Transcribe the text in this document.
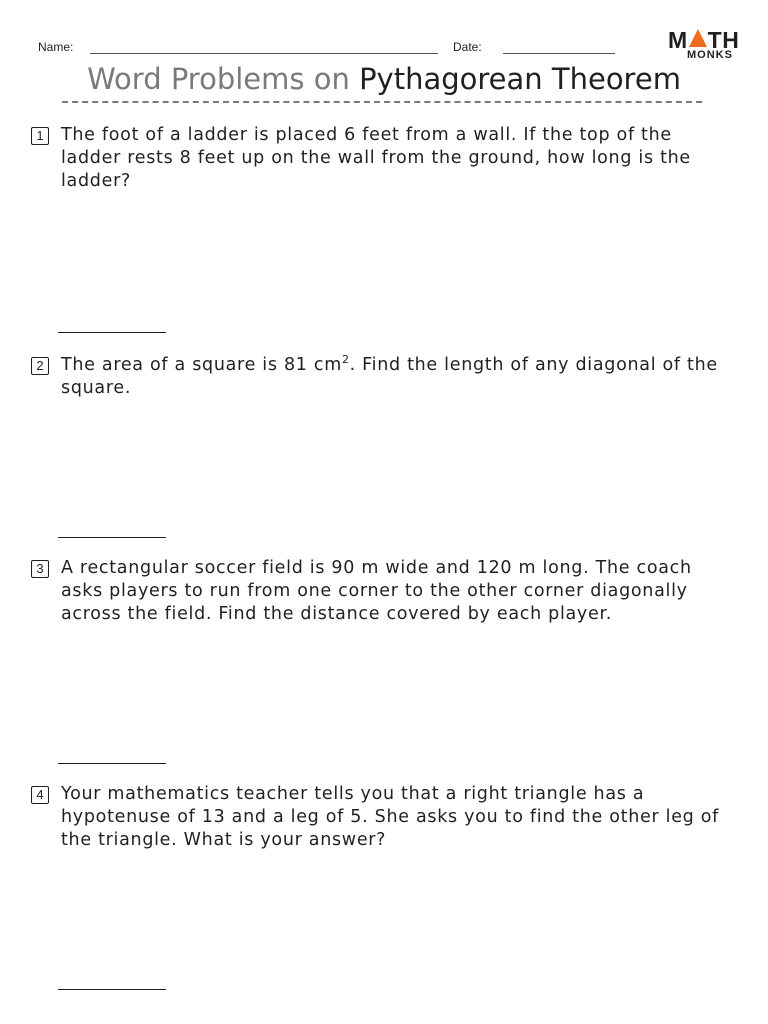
Name:	Date:	M TH
MONKS
Word Problems on Pythagorean Theorem
1 The foot of a ladder is placed 6 feet from a wall. If the top of the ladder rests 8 feet up on the wall from the ground, how long is the ladder?
2 The area of a square is 81 $cm^2$. Find the length of any diagonal of the square.
3 A rectangular soccer field is 90 m wide and 120 m long. The coach asks players to run from one corner to the other corner diagonally across the field. Find the distance covered by each player.
4 Your mathematics teacher tells you that a right triangle has a hypotenuse of 13 and a leg of 5. She asks you to find the other leg of the triangle. What is your answer?
